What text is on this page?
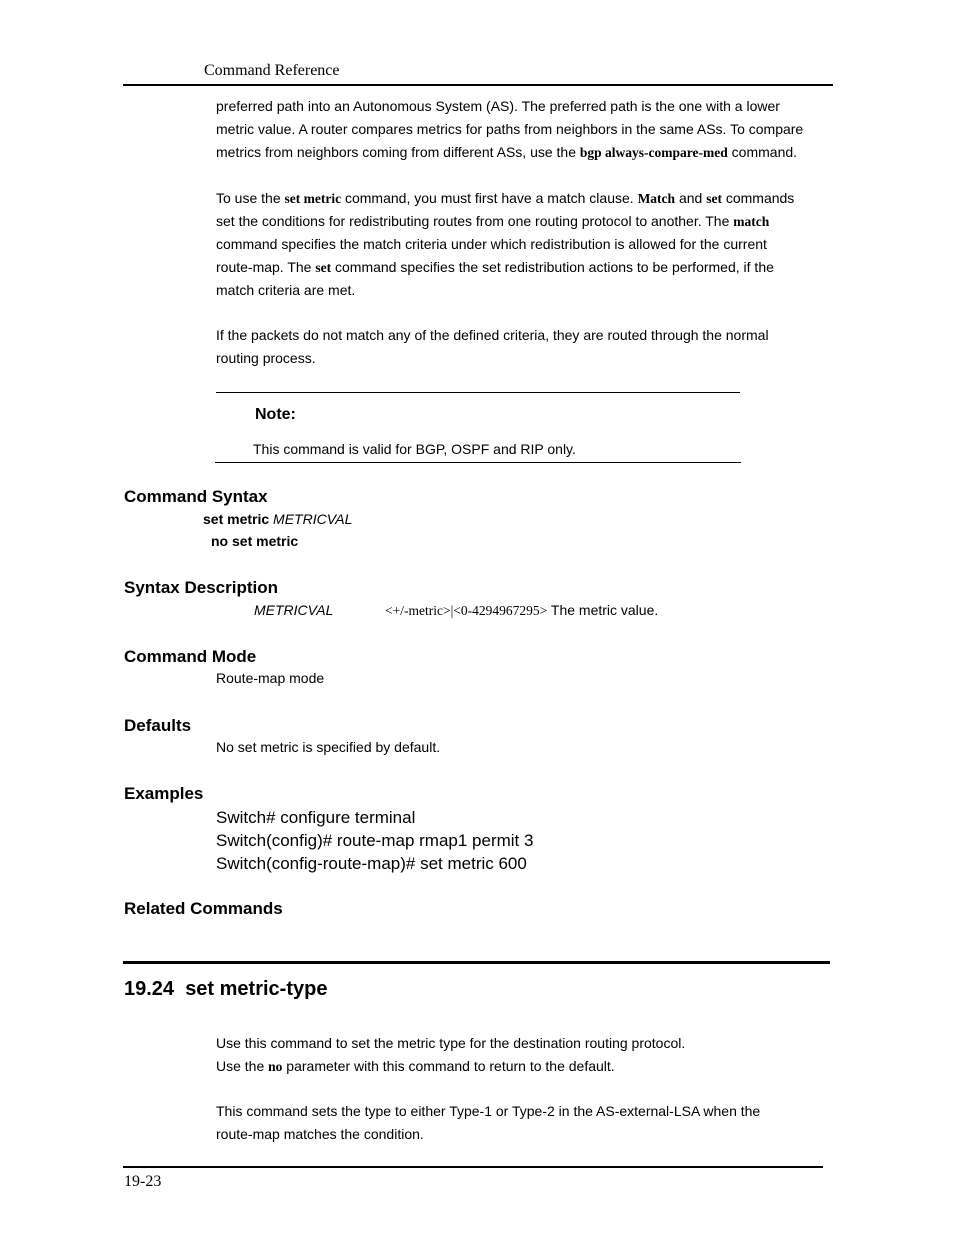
Command Reference
preferred path into an Autonomous System (AS). The preferred path is the one with a lower
metric value. A router compares metrics for paths from neighbors in the same ASs. To compare
metrics from neighbors coming from different ASs, use the bgp always-compare-med command.
To use the set metric command, you must first have a match clause. Match and set commands
set the conditions for redistributing routes from one routing protocol to another. The match
command specifies the match criteria under which redistribution is allowed for the current
route-map. The set command specifies the set redistribution actions to be performed, if the
match criteria are met.
If the packets do not match any of the defined criteria, they are routed through the normal
routing process.
Note:
This command is valid for BGP, OSPF and RIP only.
Command Syntax
set metric METRICVAL
no set metric
Syntax Description
METRICVAL	<+/-metric>|<0-4294967295> The metric value.
Command Mode
Route-map mode
Defaults
No set metric is specified by default.
Examples
Switch# configure terminal
Switch(config)# route-map rmap1 permit 3
Switch(config-route-map)# set metric 600
Related Commands
19.24 set metric-type
Use this command to set the metric type for the destination routing protocol.
Use the no parameter with this command to return to the default.
This command sets the type to either Type-1 or Type-2 in the AS-external-LSA when the
route-map matches the condition.
19-23
